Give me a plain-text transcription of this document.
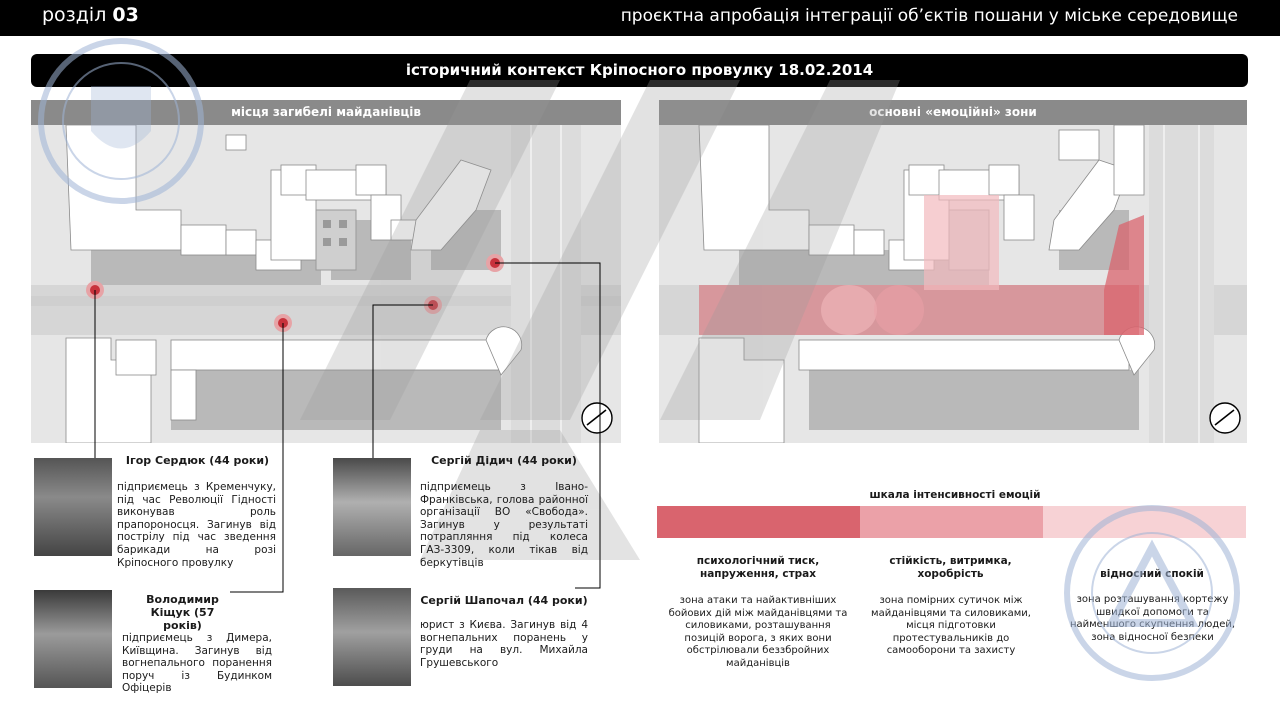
розділ 03	проєктна апробація інтеграції об’єктів пошани у міське середовище
історичний контекст Кріпосного провулку 18.02.2014
місця загибелі майданівців	основні «емоційні» зони
Ігор Сердюк (44 роки)
підприємець з Кременчуку, під час Революції Гідності виконував роль прапороносця. Загинув від пострілу під час зведення барикади на розі Кріпосного провулку
Володимир Кіщук (57 років)
підприємець з Димера, Київщина. Загинув від вогнепального поранення поруч із Будинком Офіцерів
Сергій Дідич (44 роки)
підприємець з Івано-Франківська, голова районної організації ВО «Свобода». Загинув у результаті потрапляння під колеса ГАЗ-3309, коли тікав від беркутівців
Сергій Шапочал (44 роки)
юрист з Києва. Загинув від 4 вогнепальних поранень у груди на вул. Михайла Грушевського
шкала інтенсивності емоцій
психологічний тиск, напруження, страх
зона атаки та найактивніших бойових дій між майданівцями та силовиками, розташування позицій ворога, з яких вони обстрілювали беззбройних майданівців
стійкість, витримка, хоробрість
зона помірних сутичок між майданівцями та силовиками, місця підготовки протестувальників до самооборони та захисту
відносний спокій
зона розташування кортежу швидкої допомоги та найменшого скупчення людей, зона відносної безпеки
